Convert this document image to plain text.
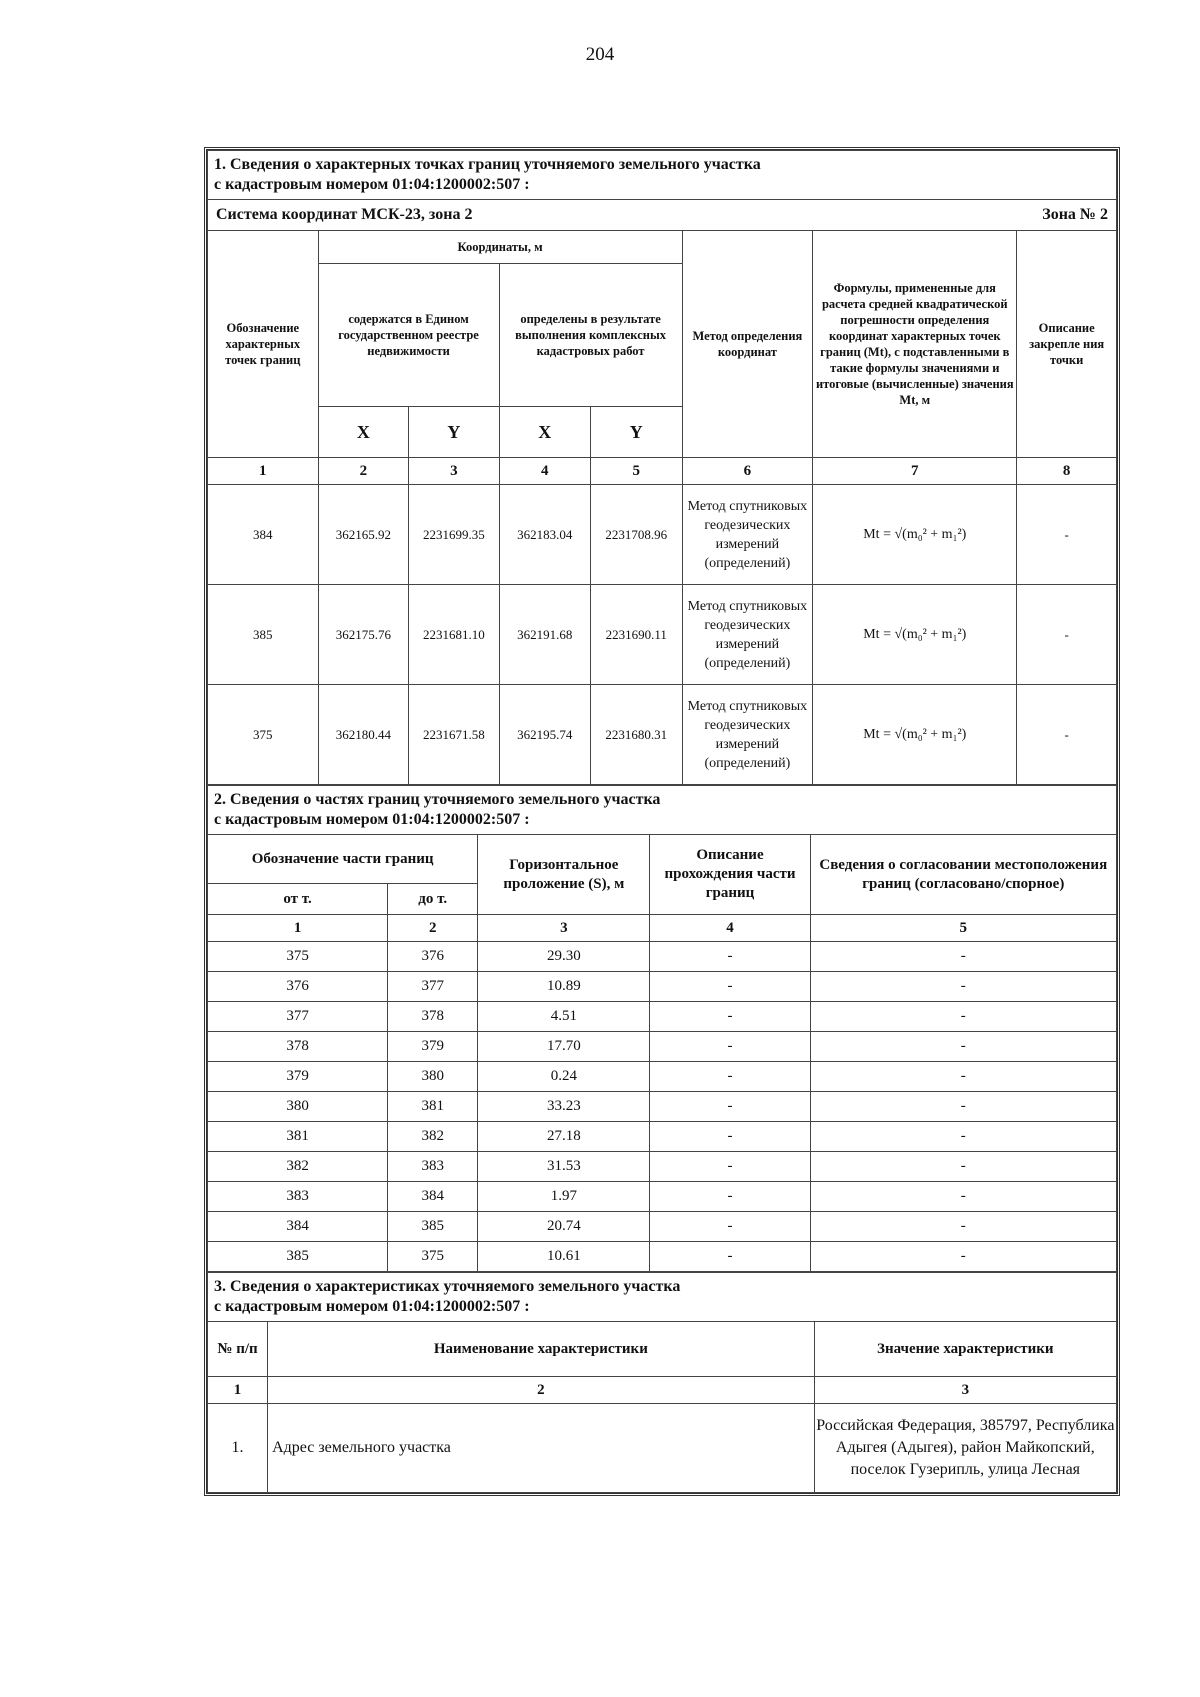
204
1. Сведения о характерных точках границ уточняемого земельного участка
с кадастровым номером 01:04:1200002:507 :							

Система координат МСК-23, зона 2						Зона № 2	
Обозначение характерных точек границ	Координаты, м				Метод определения координат	Формулы, примененные для расчета средней квадратической погрешности определения координат характерных точек границ (Mt), с подставленными в такие формулы значениями и итоговые (вычисленные) значения Mt, м	Описание закрепле ния точки
	содержатся в Едином государственном реестре недвижимости		определены в результате выполнения комплексных кадастровых работ				
	X	Y	X	Y			
1	2	3	4	5	6	7	8
384	362165.92	2231699.35	362183.04	2231708.96	Метод спутниковых геодезических измерений (определений)	Mt = √(m₀² + m₁²)	-
385	362175.76	2231681.10	362191.68	2231690.11	Метод спутниковых геодезических измерений (определений)	Mt = √(m₀² + m₁²)	-
375	362180.44	2231671.58	362195.74	2231680.31	Метод спутниковых геодезических измерений (определений)	Mt = √(m₀² + m₁²)	-
2. Сведения о частях границ уточняемого земельного участка
с кадастровым номером 01:04:1200002:507 :				

Обозначение части границ		Горизонтальное проложение (S), м	Описание прохождения части границ	Сведения о согласовании местоположения границ (согласовано/спорное)
от т.	до т.			
1	2	3	4	5
375	376	29.30	-	-
376	377	10.89	-	-
377	378	4.51	-	-
378	379	17.70	-	-
379	380	0.24	-	-
380	381	33.23	-	-
381	382	27.18	-	-
382	383	31.53	-	-
383	384	1.97	-	-
384	385	20.74	-	-
385	375	10.61	-	-
3. Сведения о характеристиках уточняемого земельного участка
с кадастровым номером 01:04:1200002:507 :		

№ п/п	Наименование характеристики	Значение характеристики
1	2	3
1.	Адрес земельного участка	Российская Федерация, 385797, Республика Адыгея (Адыгея), район Майкопский, поселок Гузерипль, улица Лесная
